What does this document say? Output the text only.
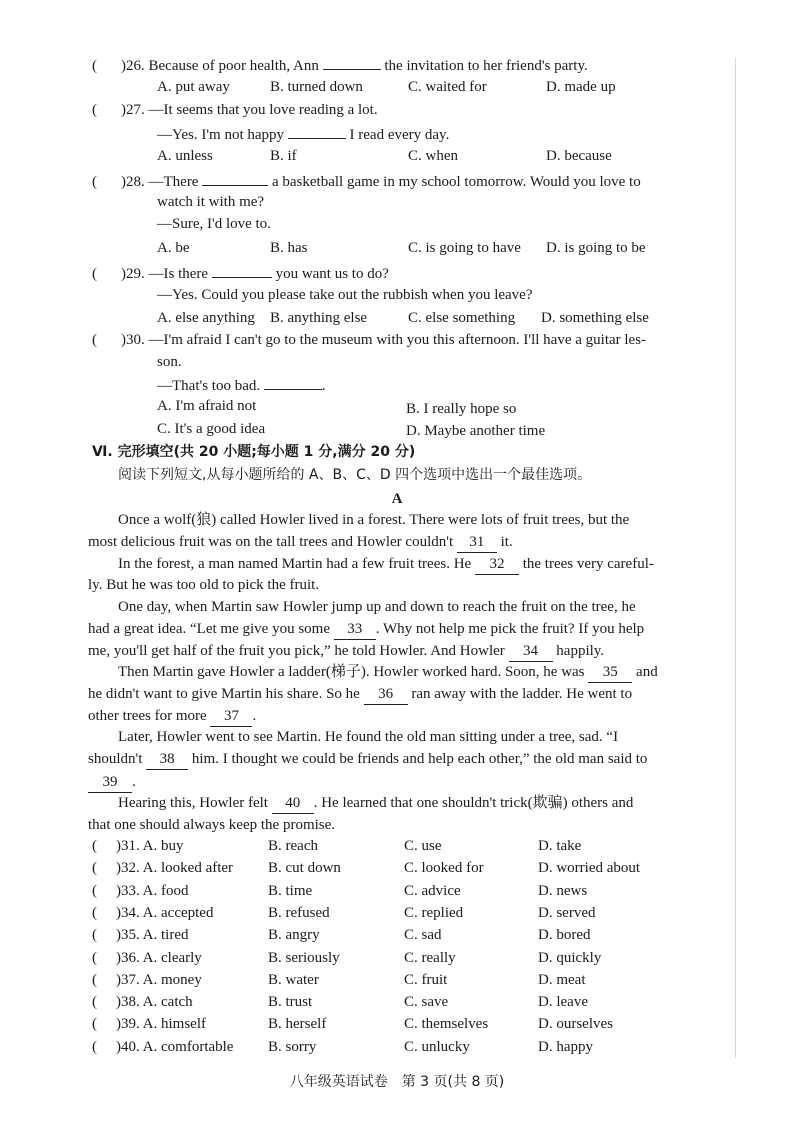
( )26. Because of poor health, Ann	the invitation to her friend's party.
A. put away	B. turned down	C. waited for	D. made up
( )27. —It seems that you love reading a lot.
—Yes. I'm not happy	I read every day.
A. unless	B. if	C. when	D. because
( )28. —There	a basketball game in my school tomorrow. Would you love to
watch it with me?
—Sure, I'd love to.
A. be	B. has	C. is going to have D. is going to be
( )29. —Is there	you want us to do?
—Yes. Could you please take out the rubbish when you leave?
A. else anything B. anything else	C. else something D. something else
( )30. —I'm afraid I can't go to the museum with you this afternoon. I'll have a guitar les-
son.
—That's too bad.	.
A. I'm afraid not	B. I really hope so
C. It's a good idea	D. Maybe another time
Ⅵ. 完形填空(共 20 小题;每小题 1 分,满分 20 分)
阅读下列短文,从每小题所给的 A、B、C、D 四个选项中选出一个最佳选项。
A
Once a wolf(狼) called Howler lived in a forest. There were lots of fruit trees, but the
most delicious fruit was on the tall trees and Howler couldn't 31 it.
In the forest, a man named Martin had a few fruit trees. He 32 the trees very careful-
ly. But he was too old to pick the fruit.
One day, when Martin saw Howler jump up and down to reach the fruit on the tree, he
had a great idea. “Let me give you some 33 . Why not help me pick the fruit? If you help
me, you'll get half of the fruit you pick,” he told Howler. And Howler 34 happily.
Then Martin gave Howler a ladder(梯子). Howler worked hard. Soon, he was 35 and
he didn't want to give Martin his share. So he 36 ran away with the ladder. He went to
other trees for more 37 .
Later, Howler went to see Martin. He found the old man sitting under a tree, sad. “I
shouldn't 38 him. I thought we could be friends and help each other,” the old man said to
39 .
Hearing this, Howler felt 40 . He learned that one shouldn't trick(欺骗) others and
that one should always keep the promise.
( )31. A. buy	B. reach	C. use	D. take
( )32. A. looked after B. cut down	C. looked for	D. worried about
( )33. A. food	B. time	C. advice	D. news
( )34. A. accepted	B. refused	C. replied	D. served
( )35. A. tired	B. angry	C. sad	D. bored
( )36. A. clearly	B. seriously	C. really	D. quickly
( )37. A. money	B. water	C. fruit	D. meat
( )38. A. catch	B. trust	C. save	D. leave
( )39. A. himself	B. herself	C. themselves	D. ourselves
( )40. A. comfortable B. sorry	C. unlucky	D. happy
八年级英语试卷　第 3 页(共 8 页)
